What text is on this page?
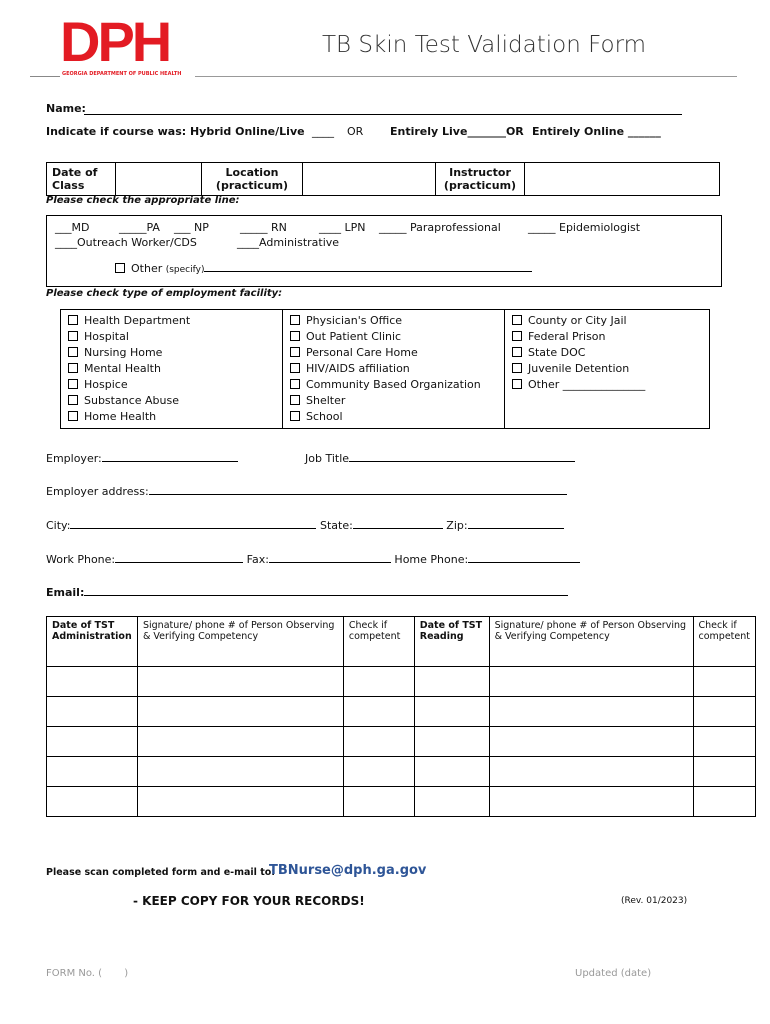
DPH
GEORGIA DEPARTMENT OF PUBLIC HEALTH
TB Skin Test Validation Form
Name:
Indicate if course was: Hybrid Online/Live ____ OR Entirely Live_______OR Entirely Online ______
Date of Class		Location (practicum)		Instructor (practicum)	
Please check the appropriate line:
___MD	_____PA ___ NP	_____ RN	____ LPN _____ Paraprofessional _____ Epidemiologist
____Outreach Worker/CDS	____Administrative
Other (specify)
Please check type of employment facility:
Health Department
Hospital
Nursing Home
Mental Health
Hospice
Substance Abuse
Home Health

Physician's Office
Out Patient Clinic
Personal Care Home
HIV/AIDS affiliation
Community Based Organization
Shelter
School

County or City Jail
Federal Prison
State DOC
Juvenile Detention
Other _______________
Employer:	Job Title
Employer address:
City:	State:	Zip:
Work Phone:	Fax:	Home Phone:
Email:
Date of TST Administration	Signature/ phone # of Person Observing & Verifying Competency	Check if competent	Date of TST Reading	Signature/ phone # of Person Observing & Verifying Competency	Check if competent

Please scan completed form and e-mail to:
TBNurse@dph.ga.gov
- KEEP COPY FOR YOUR RECORDS!	(Rev. 01/2023)
FORM No. (       )	Updated (date)
